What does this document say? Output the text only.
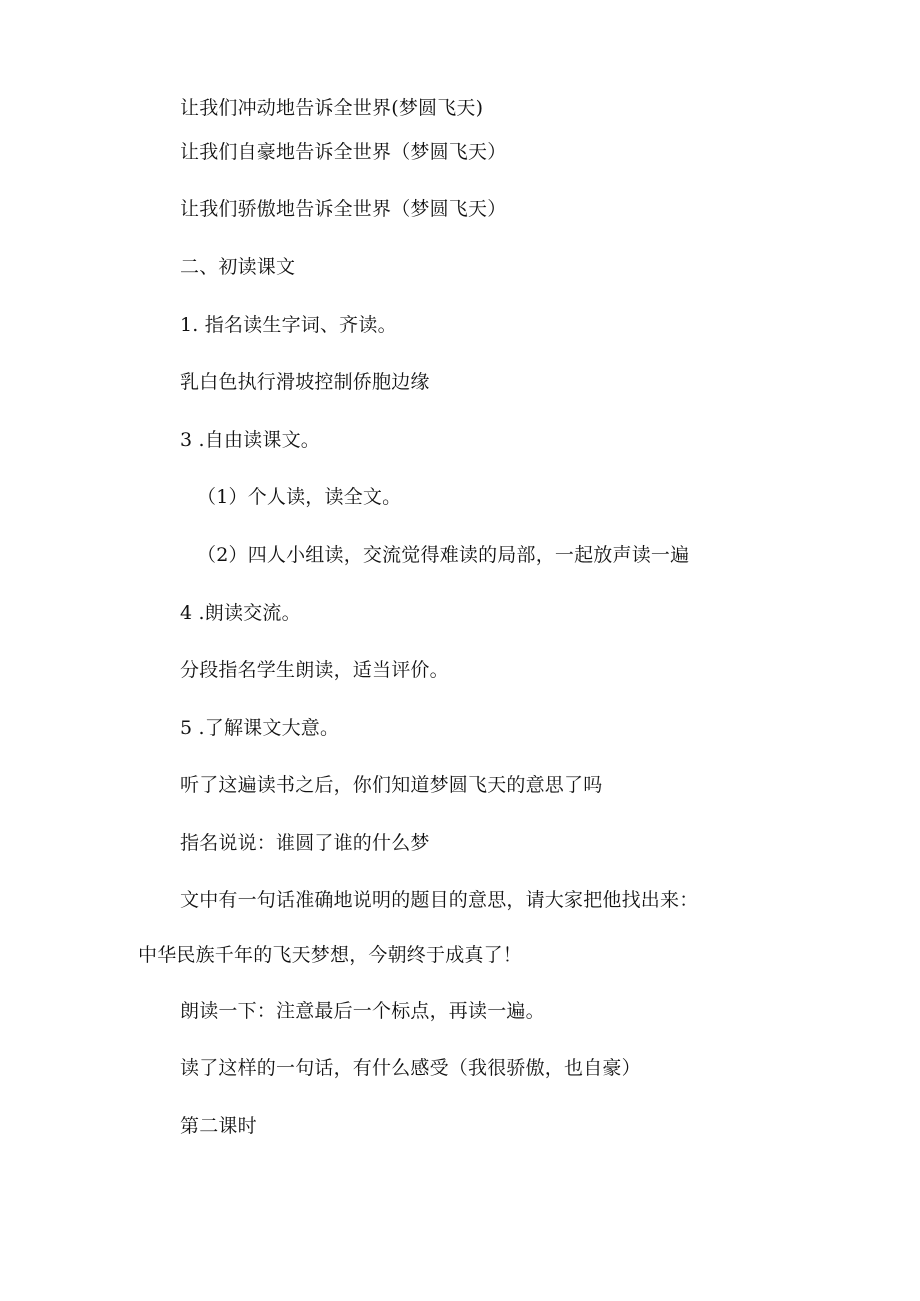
让我们冲动地告诉全世界(梦圆飞天)
让我们自豪地告诉全世界（梦圆飞天）
让我们骄傲地告诉全世界（梦圆飞天）
二、初读课文
1. 指名读生字词、齐读。
乳白色执行滑坡控制侨胞边缘
3 .自由读课文。
（1）个人读，读全文。
（2）四人小组读，交流觉得难读的局部，一起放声读一遍
4 .朗读交流。
分段指名学生朗读，适当评价。
5 .了解课文大意。
听了这遍读书之后，你们知道梦圆飞天的意思了吗
指名说说：谁圆了谁的什么梦
文中有一句话准确地说明的题目的意思，请大家把他找出来：
中华民族千年的飞天梦想，今朝终于成真了！
朗读一下：注意最后一个标点，再读一遍。
读了这样的一句话，有什么感受（我很骄傲，也自豪）
第二课时
